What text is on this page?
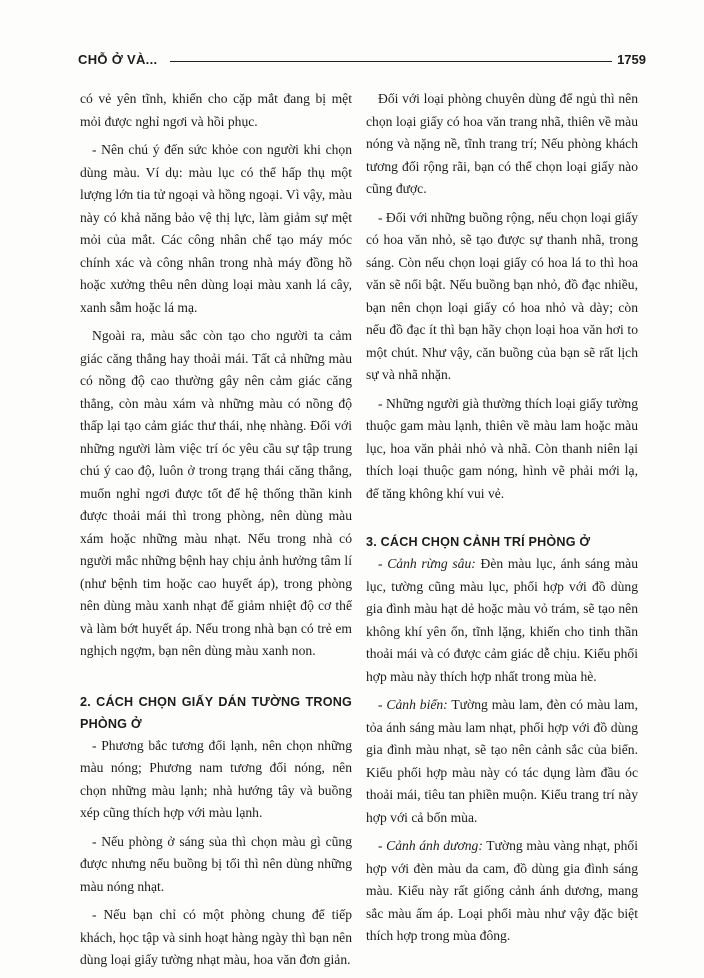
CHỖ Ở VÀ...	1759

có vẻ yên tĩnh, khiến cho cặp mắt đang bị mệt mỏi được nghỉ ngơi và hồi phục.

- Nên chú ý đến sức khỏe con người khi chọn dùng màu. Ví dụ: màu lục có thể hấp thụ một lượng lớn tia tử ngoại và hồng ngoại. Vì vậy, màu này có khả năng bảo vệ thị lực, làm giảm sự mệt mỏi của mắt. Các công nhân chế tạo máy móc chính xác và công nhân trong nhà máy đồng hồ hoặc xưởng thêu nên dùng loại màu xanh lá cây, xanh sẫm hoặc lá mạ.

Ngoài ra, màu sắc còn tạo cho người ta cảm giác căng thẳng hay thoải mái. Tất cả những màu có nồng độ cao thường gây nên cảm giác căng thẳng, còn màu xám và những màu có nồng độ thấp lại tạo cảm giác thư thái, nhẹ nhàng. Đối với những người làm việc trí óc yêu cầu sự tập trung chú ý cao độ, luôn ở trong trạng thái căng thẳng, muốn nghỉ ngơi được tốt để hệ thống thần kinh được thoải mái thì trong phòng, nên dùng màu xám hoặc những màu nhạt. Nếu trong nhà có người mắc những bệnh hay chịu ảnh hưởng tâm lí (như bệnh tim hoặc cao huyết áp), trong phòng nên dùng màu xanh nhạt để giảm nhiệt độ cơ thể và làm bớt huyết áp. Nếu trong nhà bạn có trẻ em nghịch ngợm, bạn nên dùng màu xanh non.

2. CÁCH CHỌN GIẤY DÁN TƯỜNG TRONG PHÒNG Ở

- Phương bắc tương đối lạnh, nên chọn những màu nóng; Phương nam tương đối nóng, nên chọn những màu lạnh; nhà hướng tây và buồng xép cũng thích hợp với màu lạnh.

- Nếu phòng ở sáng sủa thì chọn màu gì cũng được nhưng nếu buồng bị tối thì nên dùng những màu nóng nhạt.

- Nếu bạn chỉ có một phòng chung để tiếp khách, học tập và sinh hoạt hàng ngày thì bạn nên dùng loại giấy tường nhạt màu, hoa văn đơn giản.

Đối với loại phòng chuyên dùng để ngủ thì nên chọn loại giấy có hoa văn trang nhã, thiên về màu nóng và nặng nề, tĩnh trang trí; Nếu phòng khách tương đối rộng rãi, bạn có thể chọn loại giấy nào cũng được.

- Đối với những buồng rộng, nếu chọn loại giấy có hoa văn nhỏ, sẽ tạo được sự thanh nhã, trong sáng. Còn nếu chọn loại giấy có hoa lá to thì hoa văn sẽ nổi bật. Nếu buồng bạn nhỏ, đồ đạc nhiều, bạn nên chọn loại giấy có hoa nhỏ và dày; còn nếu đồ đạc ít thì bạn hãy chọn loại hoa văn hơi to một chút. Như vậy, căn buồng của bạn sẽ rất lịch sự và nhã nhặn.

- Những người già thường thích loại giấy tường thuộc gam màu lạnh, thiên về màu lam hoặc màu lục, hoa văn phải nhỏ và nhã. Còn thanh niên lại thích loại thuộc gam nóng, hình vẽ phải mới lạ, để tăng không khí vui vẻ.

3. CÁCH CHỌN CẢNH TRÍ PHÒNG Ở

- Cảnh rừng sâu: Đèn màu lục, ánh sáng màu lục, tường cũng màu lục, phối hợp với đồ dùng gia đình màu hạt dẻ hoặc màu vỏ trám, sẽ tạo nên không khí yên ổn, tĩnh lặng, khiến cho tinh thần thoải mái và có được cảm giác dễ chịu. Kiểu phối hợp màu này thích hợp nhất trong mùa hè.

- Cảnh biển: Tường màu lam, đèn có màu lam, tỏa ánh sáng màu lam nhạt, phối hợp với đồ dùng gia đình màu nhạt, sẽ tạo nên cảnh sắc của biển. Kiểu phối hợp màu này có tác dụng làm đầu óc thoải mái, tiêu tan phiền muộn. Kiểu trang trí này hợp với cả bốn mùa.

- Cảnh ánh dương: Tường màu vàng nhạt, phối hợp với đèn màu da cam, đồ dùng gia đình sáng màu. Kiểu này rất giống cảnh ánh dương, mang sắc màu ấm áp. Loại phối màu như vậy đặc biệt thích hợp trong mùa đông.
